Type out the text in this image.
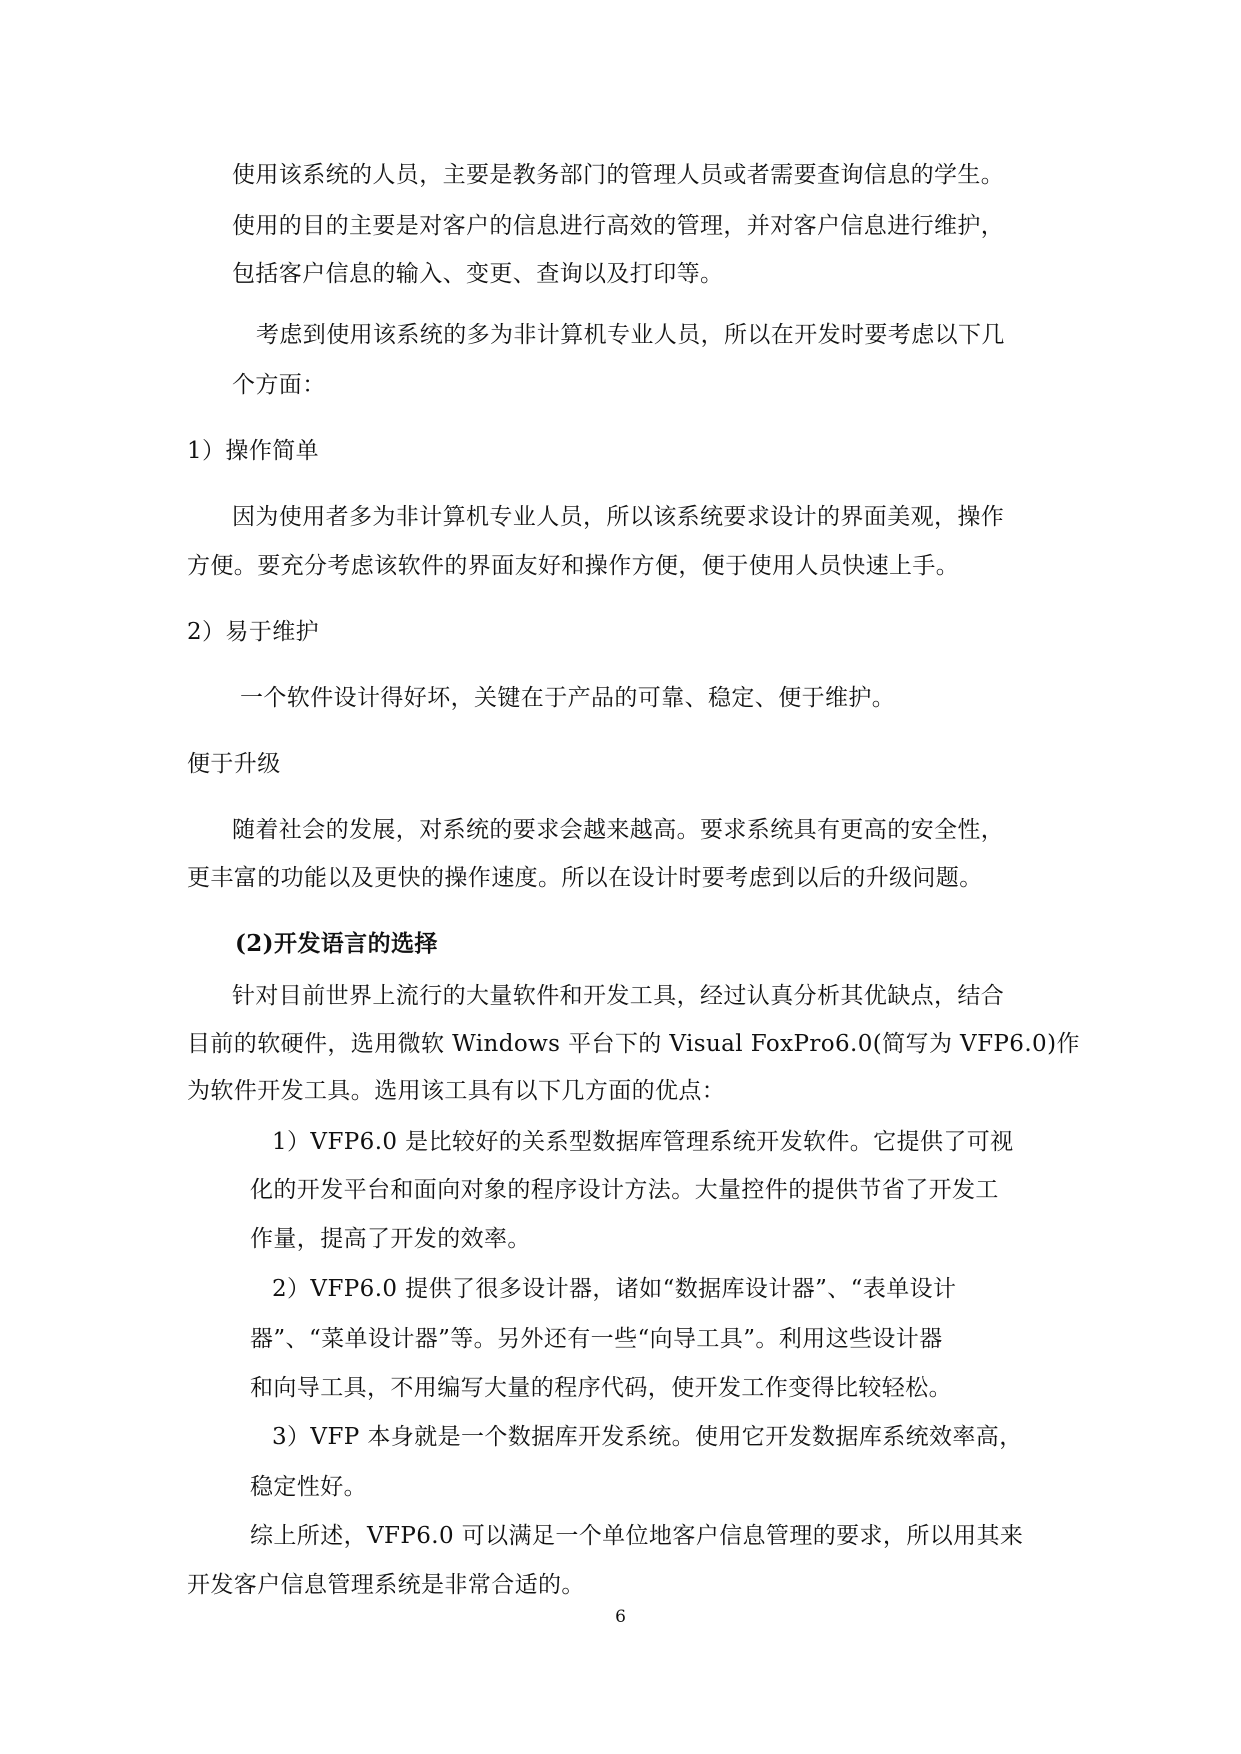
使用该系统的人员，主要是教务部门的管理人员或者需要查询信息的学生。
使用的目的主要是对客户的信息进行高效的管理，并对客户信息进行维护，
包括客户信息的输入、变更、查询以及打印等。
考虑到使用该系统的多为非计算机专业人员，所以在开发时要考虑以下几
个方面：
1）操作简单
因为使用者多为非计算机专业人员，所以该系统要求设计的界面美观，操作
方便。要充分考虑该软件的界面友好和操作方便，便于使用人员快速上手。
2）易于维护
一个软件设计得好坏，关键在于产品的可靠、稳定、便于维护。
便于升级
随着社会的发展，对系统的要求会越来越高。要求系统具有更高的安全性，
更丰富的功能以及更快的操作速度。所以在设计时要考虑到以后的升级问题。
(2)开发语言的选择
针对目前世界上流行的大量软件和开发工具，经过认真分析其优缺点，结合
目前的软硬件，选用微软 Windows 平台下的 Visual FoxPro6.0(简写为 VFP6.0)作
为软件开发工具。选用该工具有以下几方面的优点：
1）VFP6.0 是比较好的关系型数据库管理系统开发软件。它提供了可视
化的开发平台和面向对象的程序设计方法。大量控件的提供节省了开发工
作量，提高了开发的效率。
2）VFP6.0 提供了很多设计器，诸如“数据库设计器”、“表单设计
器”、“菜单设计器”等。另外还有一些“向导工具”。利用这些设计器
和向导工具，不用编写大量的程序代码，使开发工作变得比较轻松。
3）VFP 本身就是一个数据库开发系统。使用它开发数据库系统效率高，
稳定性好。
综上所述，VFP6.0 可以满足一个单位地客户信息管理的要求，所以用其来
开发客户信息管理系统是非常合适的。
6
